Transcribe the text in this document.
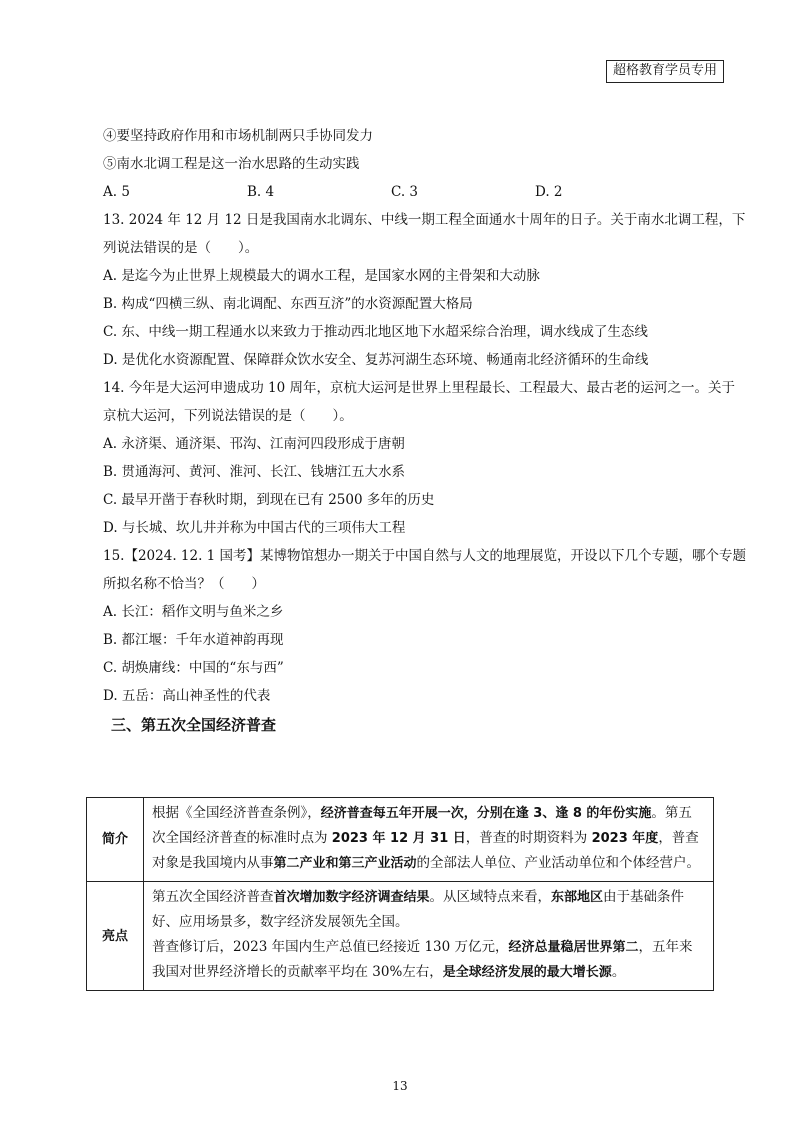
超格教育学员专用
④要坚持政府作用和市场机制两只手协同发力
⑤南水北调工程是这一治水思路的生动实践
A. 5	B. 4	C. 3	D. 2
13. 2024 年 12 月 12 日是我国南水北调东、中线一期工程全面通水十周年的日子。关于南水北调工程，下
列说法错误的是（　　）。
A. 是迄今为止世界上规模最大的调水工程，是国家水网的主骨架和大动脉
B. 构成“四横三纵、南北调配、东西互济”的水资源配置大格局
C. 东、中线一期工程通水以来致力于推动西北地区地下水超采综合治理，调水线成了生态线
D. 是优化水资源配置、保障群众饮水安全、复苏河湖生态环境、畅通南北经济循环的生命线
14. 今年是大运河申遗成功 10 周年，京杭大运河是世界上里程最长、工程最大、最古老的运河之一。关于
京杭大运河，下列说法错误的是（　　）。
A. 永济渠、通济渠、邗沟、江南河四段形成于唐朝
B. 贯通海河、黄河、淮河、长江、钱塘江五大水系
C. 最早开凿于春秋时期，到现在已有 2500 多年的历史
D. 与长城、坎儿井并称为中国古代的三项伟大工程
15.【2024. 12. 1 国考】某博物馆想办一期关于中国自然与人文的地理展览，开设以下几个专题，哪个专题
所拟名称不恰当？（　　）
A. 长江：稻作文明与鱼米之乡
B. 都江堰：千年水道神韵再现
C. 胡焕庸线：中国的“东与西”
D. 五岳：高山神圣性的代表
三、第五次全国经济普查
简介	根据《全国经济普查条例》，经济普查每五年开展一次，分别在逢 3、逢 8 的年份实施。第五次全国经济普查的标准时点为 2023 年 12 月 31 日，普查的时期资料为 2023 年度，普查对象是我国境内从事第二产业和第三产业活动的全部法人单位、产业活动单位和个体经营户。
亮点	第五次全国经济普查首次增加数字经济调查结果。从区域特点来看，东部地区由于基础条件好、应用场景多，数字经济发展领先全国。
普查修订后，2023 年国内生产总值已经接近 130 万亿元，经济总量稳居世界第二，五年来我国对世界经济增长的贡献率平均在 30%左右，是全球经济发展的最大增长源。
13
